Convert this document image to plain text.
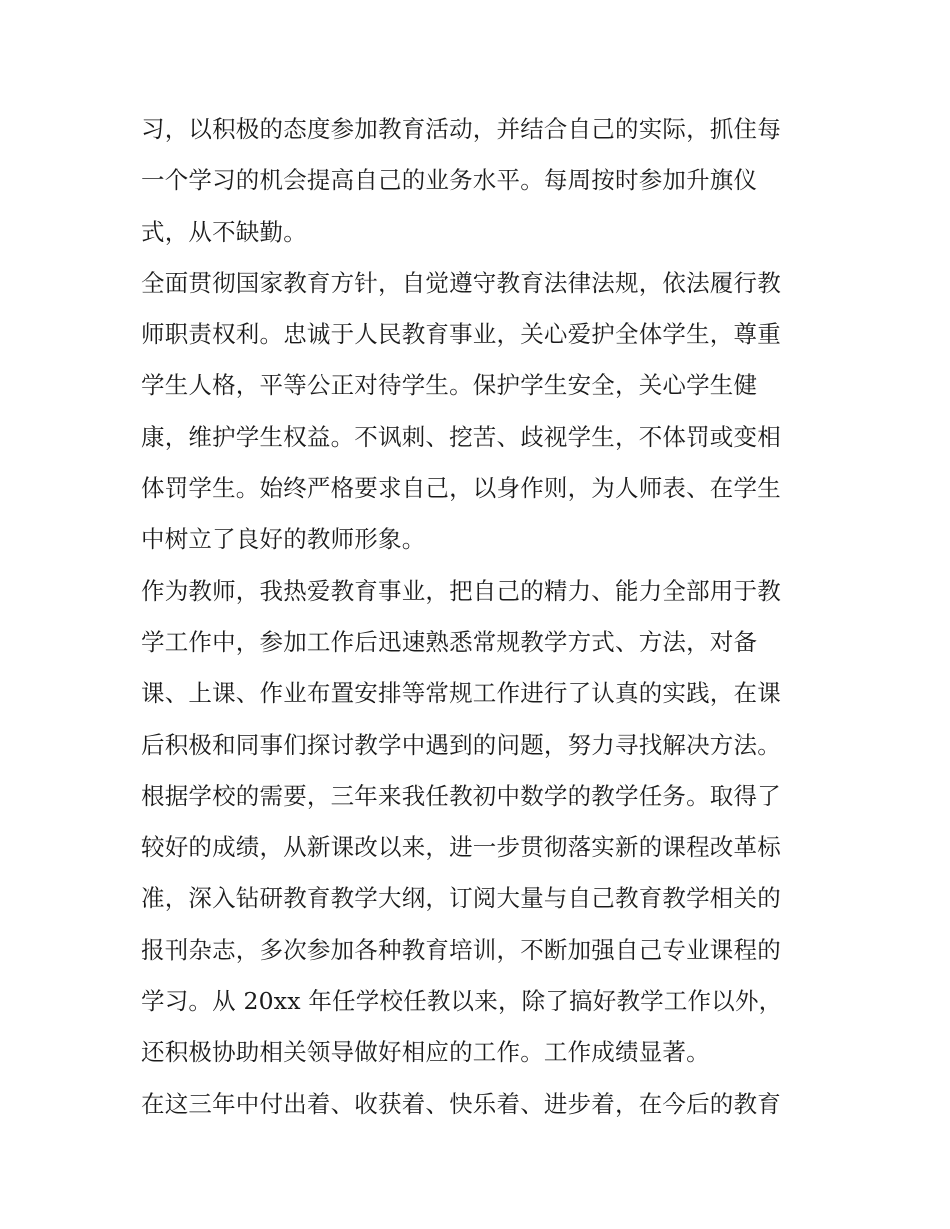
习，以积极的态度参加教育活动，并结合自己的实际，抓住每
一个学习的机会提高自己的业务水平。每周按时参加升旗仪
式，从不缺勤。
全面贯彻国家教育方针，自觉遵守教育法律法规，依法履行教
师职责权利。忠诚于人民教育事业，关心爱护全体学生，尊重
学生人格，平等公正对待学生。保护学生安全，关心学生健
康，维护学生权益。不讽刺、挖苦、歧视学生，不体罚或变相
体罚学生。始终严格要求自己，以身作则，为人师表、在学生
中树立了良好的教师形象。
作为教师，我热爱教育事业，把自己的精力、能力全部用于教
学工作中，参加工作后迅速熟悉常规教学方式、方法，对备
课、上课、作业布置安排等常规工作进行了认真的实践，在课
后积极和同事们探讨教学中遇到的问题，努力寻找解决方法。
根据学校的需要，三年来我任教初中数学的教学任务。取得了
较好的成绩，从新课改以来，进一步贯彻落实新的课程改革标
准，深入钻研教育教学大纲，订阅大量与自己教育教学相关的
报刊杂志，多次参加各种教育培训，不断加强自己专业课程的
学习。从 20xx 年任学校任教以来，除了搞好教学工作以外，
还积极协助相关领导做好相应的工作。工作成绩显著。
在这三年中付出着、收获着、快乐着、进步着，在今后的教育
